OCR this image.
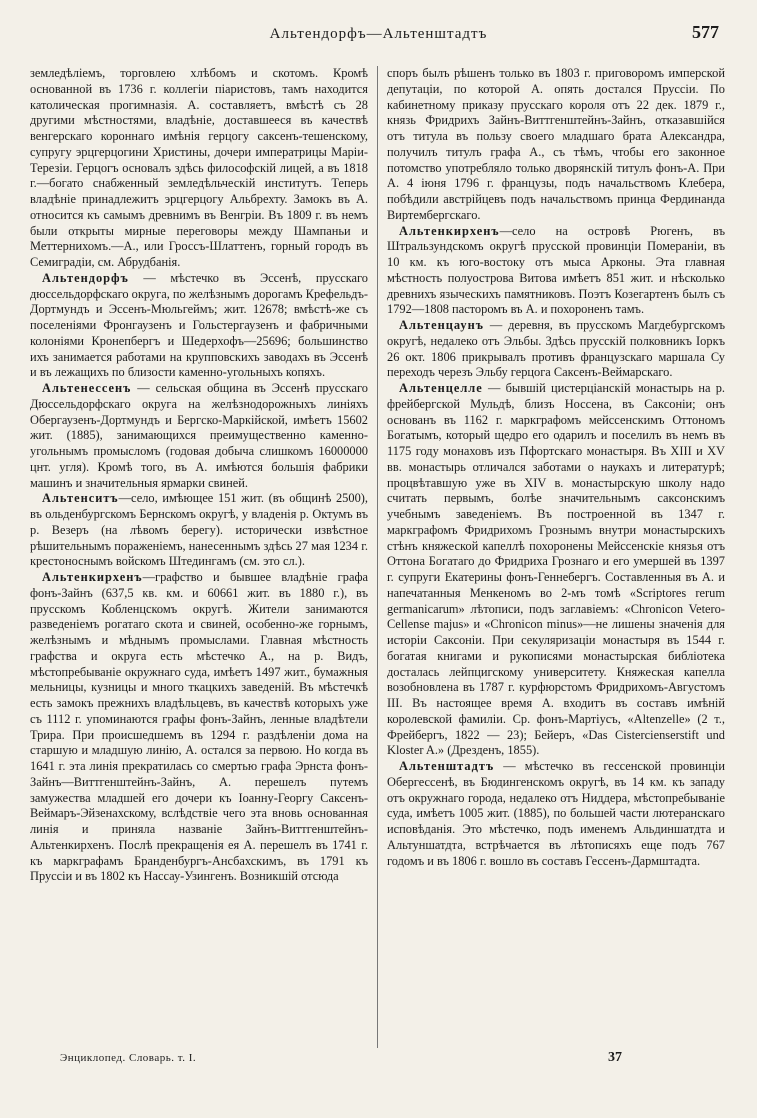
Альтендорфъ—Альтенштадтъ	577

земледѣліемъ, торговлею хлѣбомъ и скотомъ. Кромѣ основанной въ 1736 г. коллегіи піаристовъ, тамъ находится католическая прогимназія. А. составляетъ, вмѣстѣ съ 28 другими мѣстностями, владѣніе, доставшееся въ качествѣ венгерскаго короннаго имѣнія герцогу саксенъ-тешенскому, супругу эрцгерцогини Христины, дочери императрицы Маріи-Терезіи. Герцогъ основалъ здѣсь философскій лицей, а въ 1818 г.—богато снабженный земледѣльческій институтъ. Теперь владѣніе принадлежитъ эрцгерцогу Альбрехту. Замокъ въ А. относится къ самымъ древнимъ въ Венгріи. Въ 1809 г. въ немъ были открыты мирные переговоры между Шампаньи и Меттернихомъ.—А., или Гроссъ-Шлаттенъ, горный городъ въ Семиградіи, см. Абрудбанія.

Альтендорфъ — мѣстечко въ Эссенѣ, прусскаго дюссельдорфскаго округа, по желѣзнымъ дорогамъ Крефельдъ-Дортмундъ и Эссенъ-Мюльгеймъ; жит. 12678; вмѣстѣ-же съ поселеніями Фронгаузенъ и Гольстергаузенъ и фабричными колоніями Кронепбергъ и Шедерхофъ—25696; большинство ихъ занимается работами на крупповскихъ заводахъ въ Эссенѣ и въ лежащихъ по близости каменно-угольныхъ копяхъ.

Альтенессенъ — сельская община въ Эссенѣ прусскаго Дюссельдорфскаго округа на желѣзнодорожныхъ линіяхъ Обергаузенъ-Дортмундъ и Бергско-Маркійской, имѣетъ 15602 жит. (1885), занимающихся преимущественно каменно-угольнымъ промысломъ (годовая добыча слишкомъ 16000000 цнт. угля). Кромѣ того, въ А. имѣются большія фабрики машинъ и значительныя ярмарки свиней.

Альтенситъ—село, имѣющее 151 жит. (въ общинѣ 2500), въ ольденбургскомъ Бернскомъ округѣ, у владенія р. Октумъ въ р. Везеръ (на лѣвомъ берегу). исторически извѣстное рѣшительнымъ пораженіемъ, нанесеннымъ здѣсь 27 мая 1234 г. крестоноснымъ войскомъ Штедингамъ (см. это сл.).

Альтенкирхенъ—графство и бывшее владѣніе графа фонъ-Зайнъ (637,5 кв. км. и 60661 жит. въ 1880 г.), въ прусскомъ Кобленцскомъ округѣ. Жители занимаются разведеніемъ рогатаго скота и свиней, особенно-же горнымъ, желѣзнымъ и мѣднымъ промыслами. Главная мѣстность графства и округа есть мѣстечко А., на р. Видъ, мѣстопребываніе окружнаго суда, имѣетъ 1497 жит., бумажныя мельницы, кузницы и много ткацкихъ заведеній. Въ мѣстечкѣ есть замокъ прежнихъ владѣльцевъ, въ качествѣ которыхъ уже съ 1112 г. упоминаются графы фонъ-Зайнъ, ленные владѣтели Трира. При происшедшемъ въ 1294 г. раздѣленіи дома на старшую и младшую линію, А. остался за первою. Но когда въ 1641 г. эта линія прекратилась со смертью графа Эрнста фонъ-Зайнъ—Виттгенштейнъ-Зайнъ, А. перешелъ путемъ замужества младшей его дочери къ Іоанну-Георгу Саксенъ-Веймаръ-Эйзенахскому, вслѣдствіе чего эта вновь основанная линія и приняла названіе Зайнъ-Виттгенштейнъ-Альтенкирхенъ. Послѣ прекращенія ея А. перешелъ въ 1741 г. къ маркграфамъ Бранденбургъ-Ансбахскимъ, въ 1791 къ Пруссіи и въ 1802 къ Нассау-Узингенъ. Возникшій отсюда

споръ былъ рѣшенъ только въ 1803 г. приговоромъ имперской депутаціи, по которой А. опять достался Пруссіи. По кабинетному приказу прусскаго короля отъ 22 дек. 1879 г., князь Фридрихъ Зайнъ-Виттгенштейнъ-Зайнъ, отказавшійся отъ титула въ пользу своего младшаго брата Александра, получилъ титулъ графа А., съ тѣмъ, чтобы его законное потомство употребляло только дворянскій титулъ фонъ-А. При А. 4 іюня 1796 г. французы, подъ начальствомъ Клебера, побѣдили австрійцевъ подъ начальствомъ принца Фердинанда Виртембергскаго.

Альтенкирхенъ—село на островѣ Рюгенъ, въ Штральзундскомъ округѣ прусской провинціи Помераніи, въ 10 км. къ юго-востоку отъ мыса Арконы. Эта главная мѣстность полуострова Витова имѣетъ 851 жит. и нѣсколько древнихъ языческихъ памятниковъ. Поэтъ Козегартенъ былъ съ 1792—1808 пасторомъ въ А. и похороненъ тамъ.

Альтенцаунъ — деревня, въ прусскомъ Магдебургскомъ округѣ, недалеко отъ Эльбы. Здѣсь прусскій полковникъ Іоркъ 26 окт. 1806 прикрывалъ противъ французскаго маршала Су переходъ черезъ Эльбу герцога Саксенъ-Веймарскаго.

Альтенцелле — бывшій цистерціанскій монастырь на р. фрейбергской Мульдѣ, близъ Носсена, въ Саксоніи; онъ основанъ въ 1162 г. маркграфомъ мейссенскимъ Оттономъ Богатымъ, который щедро его одарилъ и поселилъ въ немъ въ 1175 году монаховъ изъ Пфортскаго монастыря. Въ XIII и XV вв. монастырь отличался заботами о наукахъ и литературѣ; процвѣтавшую уже въ XIV в. монастырскую школу надо считать первымъ, болѣе значительнымъ саксонскимъ учебнымъ заведеніемъ. Въ построенной въ 1347 г. маркграфомъ Фридрихомъ Грознымъ внутри монастырскихъ стѣнъ княжеской капеллѣ похоронены Мейссенскіе князья отъ Оттона Богатаго до Фридриха Грознаго и его умершей въ 1397 г. супруги Екатерины фонъ-Геннебергъ. Составленныя въ А. и напечатанныя Менкеномъ во 2-мъ томѣ «Scriptores rerum germanicarum» лѣтописи, подъ заглавіемъ: «Chronicon Vetero-Cellense majus» и «Chronicon minus»—не лишены значенія для исторіи Саксоніи. При секуляризаціи монастыря въ 1544 г. богатая книгами и рукописями монастырская библіотека досталась лейпцигскому университету. Княжеская капелла возобновлена въ 1787 г. курфюрстомъ Фридрихомъ-Августомъ III. Въ настоящее время А. входитъ въ составъ имѣній королевской фамиліи. Ср. фонъ-Мартіусъ, «Altenzelle» (2 т., Фрейбергъ, 1822 — 23); Бейеръ, «Das Cistercienserstift und Kloster A.» (Дрезденъ, 1855).

Альтенштадтъ — мѣстечко въ гессенской провинціи Обергессенѣ, въ Бюдингенскомъ округѣ, въ 14 км. къ западу отъ окружнаго города, недалеко отъ Ниддера, мѣстопребываніе суда, имѣетъ 1005 жит. (1885), по большей части лютеранскаго исповѣданія. Это мѣстечко, подъ именемъ Альдиншатдта и Альтуншатдта, встрѣчается въ лѣтописяхъ еще подъ 767 годомъ и въ 1806 г. вошло въ составъ Гессенъ-Дармштадта.

Энциклопед. Словарь. т. I.	37
